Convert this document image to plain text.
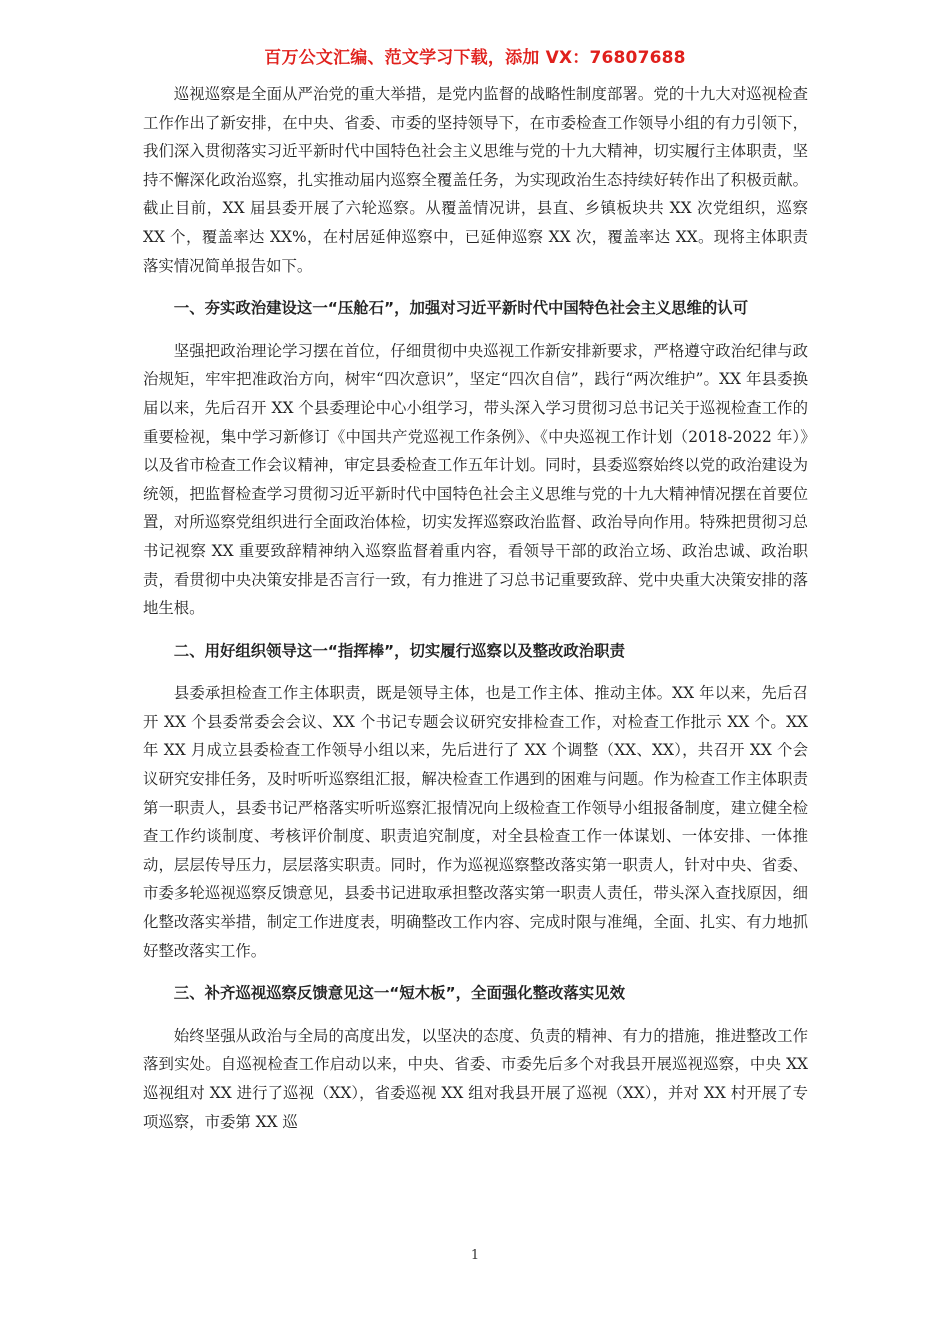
百万公文汇编、范文学习下载，添加 VX：76807688

巡视巡察是全面从严治党的重大举措，是党内监督的战略性制度部署。党的十九大对巡视检查工作作出了新安排，在中央、省委、市委的坚持领导下，在市委检查工作领导小组的有力引领下，我们深入贯彻落实习近平新时代中国特色社会主义思维与党的十九大精神，切实履行主体职责，坚持不懈深化政治巡察，扎实推动届内巡察全覆盖任务，为实现政治生态持续好转作出了积极贡献。截止目前，XX 届县委开展了六轮巡察。从覆盖情况讲，县直、乡镇板块共 XX 次党组织，巡察 XX 个，覆盖率达 XX%，在村居延伸巡察中，已延伸巡察 XX 次，覆盖率达 XX。现将主体职责落实情况简单报告如下。

一、夯实政治建设这一“压舱石”，加强对习近平新时代中国特色社会主义思维的认可

坚强把政治理论学习摆在首位，仔细贯彻中央巡视工作新安排新要求，严格遵守政治纪律与政治规矩，牢牢把准政治方向，树牢“四次意识”，坚定“四次自信”，践行“两次维护”。XX 年县委换届以来，先后召开 XX 个县委理论中心小组学习，带头深入学习贯彻习总书记关于巡视检查工作的重要检视，集中学习新修订《中国共产党巡视工作条例》、《中央巡视工作计划（2018-2022 年）》以及省市检查工作会议精神，审定县委检查工作五年计划。同时，县委巡察始终以党的政治建设为统领，把监督检查学习贯彻习近平新时代中国特色社会主义思维与党的十九大精神情况摆在首要位置，对所巡察党组织进行全面政治体检，切实发挥巡察政治监督、政治导向作用。特殊把贯彻习总书记视察 XX 重要致辞精神纳入巡察监督着重内容，看领导干部的政治立场、政治忠诚、政治职责，看贯彻中央决策安排是否言行一致，有力推进了习总书记重要致辞、党中央重大决策安排的落地生根。

二、用好组织领导这一“指挥棒”，切实履行巡察以及整改政治职责

县委承担检查工作主体职责，既是领导主体，也是工作主体、推动主体。XX 年以来，先后召开 XX 个县委常委会会议、XX 个书记专题会议研究安排检查工作，对检查工作批示 XX 个。XX 年 XX 月成立县委检查工作领导小组以来，先后进行了 XX 个调整（XX、XX），共召开 XX 个会议研究安排任务，及时听听巡察组汇报，解决检查工作遇到的困难与问题。作为检查工作主体职责第一职责人，县委书记严格落实听听巡察汇报情况向上级检查工作领导小组报备制度，建立健全检查工作约谈制度、考核评价制度、职责追究制度，对全县检查工作一体谋划、一体安排、一体推动，层层传导压力，层层落实职责。同时，作为巡视巡察整改落实第一职责人，针对中央、省委、市委多轮巡视巡察反馈意见，县委书记进取承担整改落实第一职责人责任，带头深入查找原因，细化整改落实举措，制定工作进度表，明确整改工作内容、完成时限与准绳，全面、扎实、有力地抓好整改落实工作。

三、补齐巡视巡察反馈意见这一“短木板”，全面强化整改落实见效

始终坚强从政治与全局的高度出发，以坚决的态度、负责的精神、有力的措施，推进整改工作落到实处。自巡视检查工作启动以来，中央、省委、市委先后多个对我县开展巡视巡察，中央 XX 巡视组对 XX 进行了巡视（XX），省委巡视 XX 组对我县开展了巡视（XX），并对 XX 村开展了专项巡察，市委第 XX 巡

1
